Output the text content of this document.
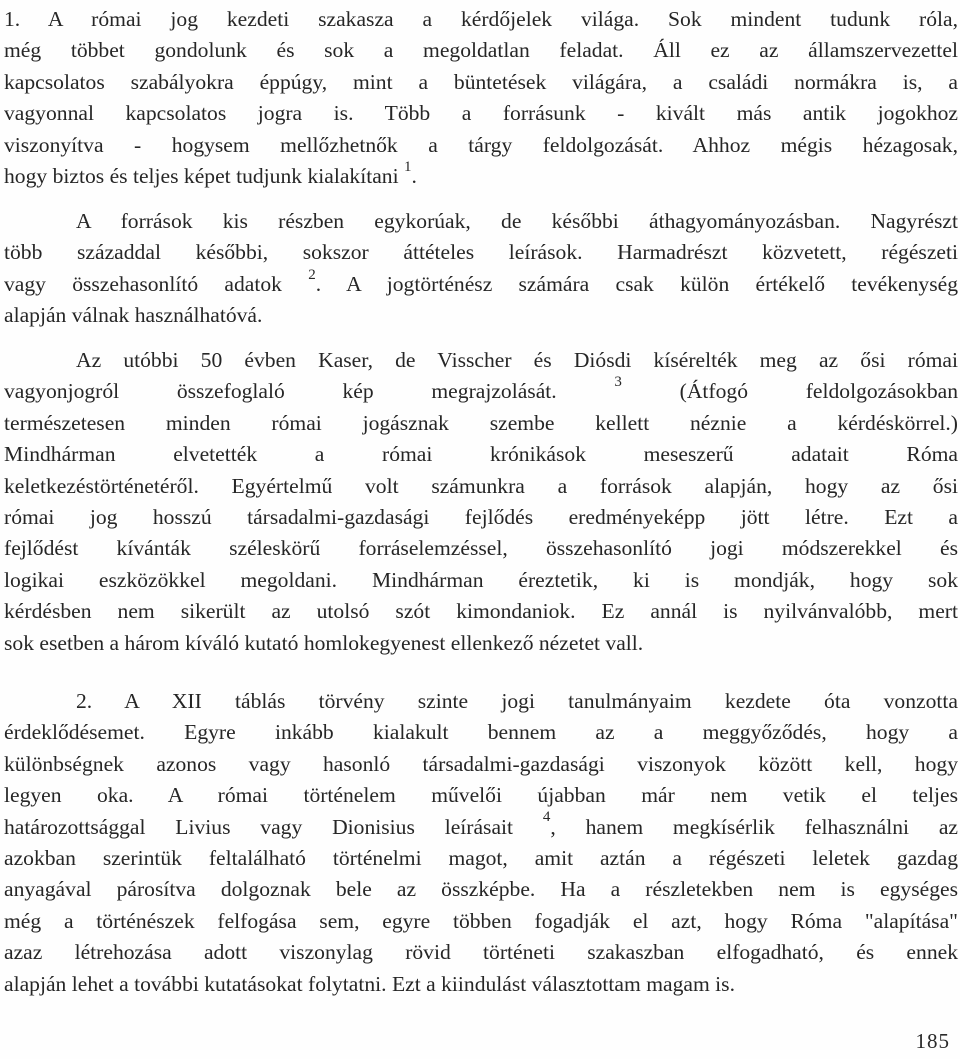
1. A római jog kezdeti szakasza a kérdőjelek világa. Sok mindent tudunk róla,
még többet gondolunk és sok a megoldatlan feladat. Áll ez az államszervezettel
kapcsolatos szabályokra éppúgy, mint a büntetések világára, a családi normákra is, a
vagyonnal kapcsolatos jogra is. Több a forrásunk - kivált más antik jogokhoz
viszonyítva - hogysem mellőzhetnők a tárgy feldolgozását. Ahhoz mégis hézagosak,
hogy biztos és teljes képet tudjunk kialakítani $^1$.
A források kis részben egykorúak, de későbbi áthagyományozásban. Nagyrészt
több századdal későbbi, sokszor áttételes leírások. Harmadrészt közvetett, régészeti
vagy összehasonlító adatok $^2$. A jogtörténész számára csak külön értékelő tevékenység
alapján válnak használhatóvá.
Az utóbbi 50 évben Kaser, de Visscher és Diósdi kísérelték meg az ősi római
vagyonjogról összefoglaló kép megrajzolását.	$^3$ (Átfogó feldolgozásokban
természetesen minden római jogásznak szembe kellett néznie a kérdéskörrel.)
Mindhárman elvetették a római krónikások meseszerű adatait Róma
keletkezéstörténetéről. Egyértelmű volt számunkra a források alapján, hogy az ősi
római jog hosszú társadalmi-gazdasági fejlődés eredményeképp jött létre. Ezt a
fejlődést kívánták széleskörű forráselemzéssel, összehasonlító jogi módszerekkel és
logikai eszközökkel megoldani. Mindhárman éreztetik, ki is mondják, hogy sok
kérdésben nem sikerült az utolsó szót kimondaniok. Ez annál is nyilvánvalóbb, mert
sok esetben a három kíváló kutató homlokegyenest ellenkező nézetet vall.
2. A XII táblás törvény szinte jogi tanulmányaim kezdete óta vonzotta
érdeklődésemet. Egyre inkább kialakult bennem az a meggyőződés, hogy a
különbségnek azonos vagy hasonló társadalmi-gazdasági viszonyok között kell, hogy
legyen oka. A római történelem művelői újabban már nem vetik el teljes
határozottsággal Livius vagy Dionisius leírásait $^4$, hanem megkísérlik felhasználni az
azokban szerintük feltalálható történelmi magot, amit aztán a régészeti leletek gazdag
anyagával párosítva dolgoznak bele az összképbe. Ha a részletekben nem is egységes
még a történészek felfogása sem, egyre többen fogadják el azt, hogy Róma "alapítása"
azaz létrehozása adott viszonylag rövid történeti szakaszban elfogadható, és ennek
alapján lehet a további kutatásokat folytatni. Ezt a kiindulást választottam magam is.
185
